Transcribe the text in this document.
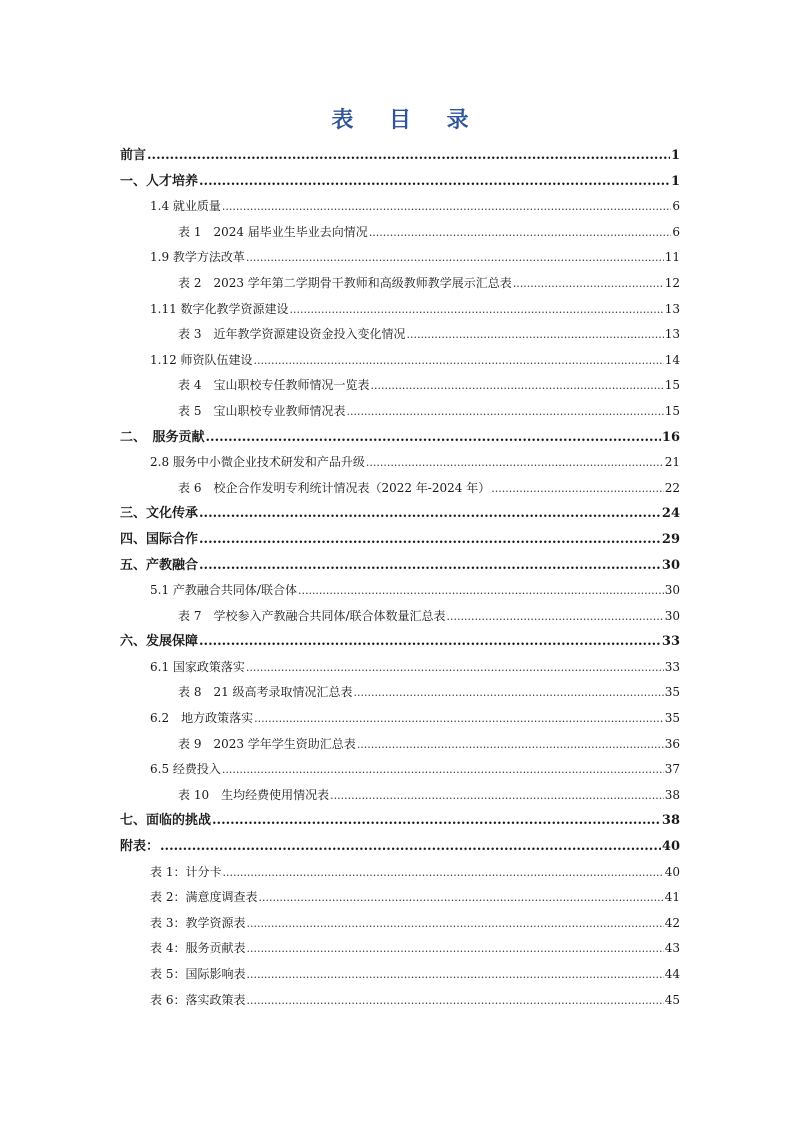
表 目 录
前言 .....	1
一、人才培养 .....	1
1.4 就业质量 .....	6
表 1　2024 届毕业生毕业去向情况 .....	6
1.9 教学方法改革 .....	11
表 2　2023 学年第二学期骨干教师和高级教师教学展示汇总表 .....	12
1.11 数字化教学资源建设 .....	13
表 3　近年教学资源建设资金投入变化情况 .....	13
1.12 师资队伍建设 .....	14
表 4　宝山职校专任教师情况一览表 .....	15
表 5　宝山职校专业教师情况表 .....	15
二、　服务贡献 .....	16
2.8 服务中小微企业技术研发和产品升级 .....	21
表 6　校企合作发明专利统计情况表（2022 年-2024 年） .....	22
三、文化传承 .....	24
四、国际合作 .....	29
五、产教融合 .....	30
5.1 产教融合共同体/联合体 .....	30
表 7　学校参入产教融合共同体/联合体数量汇总表 .....	30
六、发展保障 .....	33
6.1 国家政策落实 .....	33
表 8　21 级高考录取情况汇总表 .....	35
6.2　地方政策落实 .....	35
表 9　2023 学年学生资助汇总表 .....	36
6.5 经费投入 .....	37
表 10　生均经费使用情况表 .....	38
七、面临的挑战 .....	38
附表： .....	40
表 1：计分卡 .....	40
表 2：满意度调查表 .....	41
表 3：教学资源表 .....	42
表 4：服务贡献表 .....	43
表 5：国际影响表 .....	44
表 6：落实政策表 .....	45
